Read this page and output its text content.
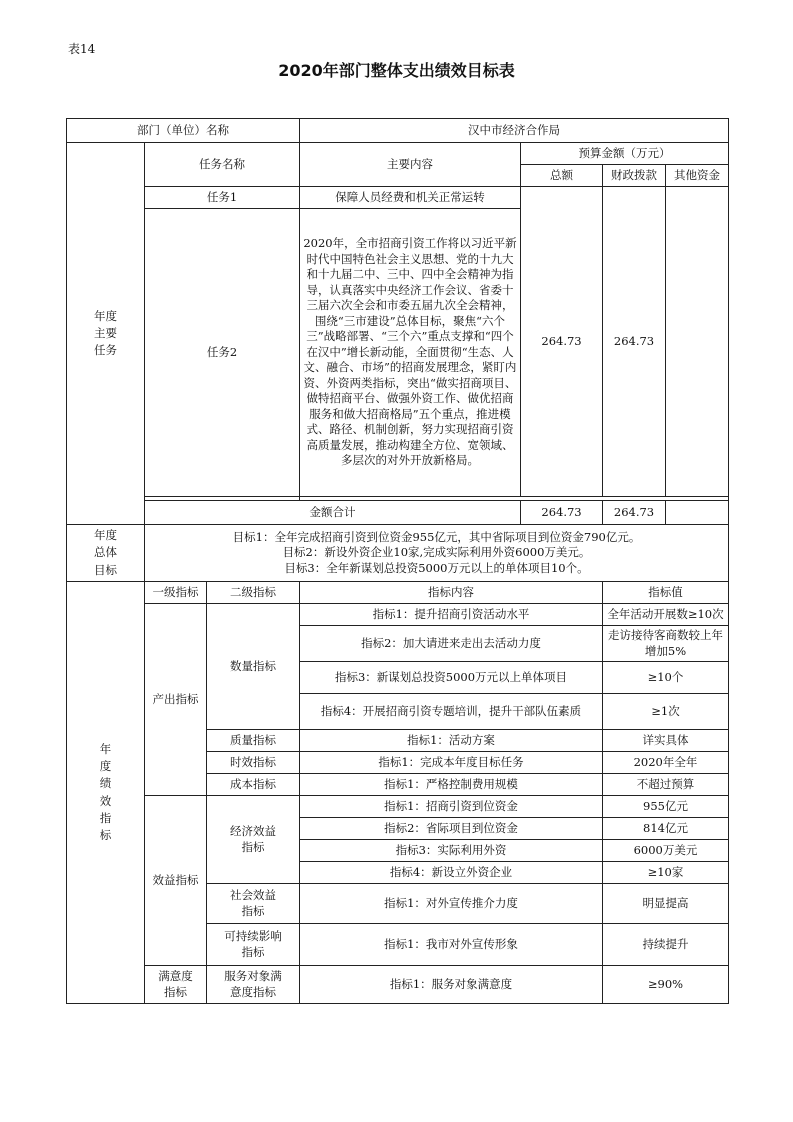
表14
2020年部门整体支出绩效目标表
部门（单位）名称			汉中市经济合作局				
年度主要任务	任务名称		主要内容		预算金额（万元）		
					总额	财政拨款	其他资金
	任务1		保障人员经费和机关正常运转		264.73	264.73	
	任务2		2020年，全市招商引资工作将以习近平新时代中国特色社会主义思想、党的十九大和十九届二中、三中、四中全会精神为指导，认真落实中央经济工作会议、省委十三届六次全会和市委五届九次全会精神，围绕“三市建设”总体目标，聚焦“六个三”战略部署、“三个六”重点支撑和“四个在汉中”增长新动能，全面贯彻“生态、人文、融合、市场”的招商发展理念，紧盯内资、外资两类指标，突出“做实招商项目、做特招商平台、做强外资工作、做优招商服务和做大招商格局”五个重点，推进模式、路径、机制创新，努力实现招商引资高质量发展，推动构建全方位、宽领域、多层次的对外开放新格局。				

	金额合计				264.73	264.73	
年度总体目标	目标1：全年完成招商引资到位资金955亿元，其中省际项目到位资金790亿元。
目标2：新设外资企业10家,完成实际利用外资6000万美元。
目标3：全年新谋划总投资5000万元以上的单体项目10个。						

年度绩效指标	一级指标	二级指标	指标内容			指标值	
	产出指标	数量指标	指标1：提升招商引资活动水平			全年活动开展数≥10次	
			指标2：加大请进来走出去活动力度			走访接待客商数较上年增加5%	
			指标3：新谋划总投资5000万元以上单体项目			≥10个	
			指标4：开展招商引资专题培训，提升干部队伍素质			≥1次	
		质量指标	指标1：活动方案			详实具体	
		时效指标	指标1：完成本年度目标任务			2020年全年	
		成本指标	指标1：严格控制费用规模			不超过预算	
	效益指标	经济效益指标	指标1：招商引资到位资金			955亿元	
			指标2：省际项目到位资金			814亿元	
			指标3：实际利用外资			6000万美元	
			指标4：新设立外资企业			≥10家	
		社会效益指标	指标1：对外宣传推介力度			明显提高	
		可持续影响指标	指标1：我市对外宣传形象			持续提升	
	满意度指标	服务对象满意度指标	指标1：服务对象满意度			≥90%	
